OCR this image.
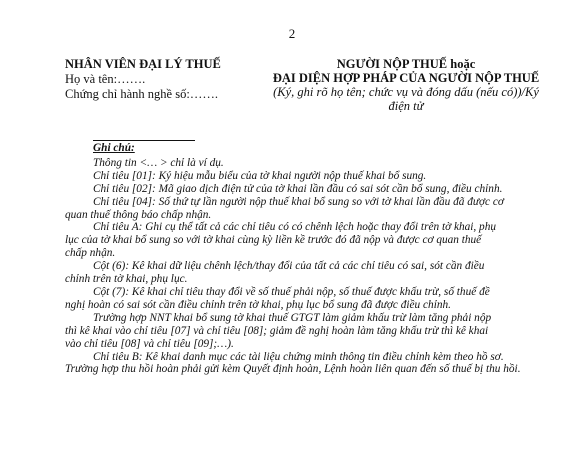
2
NHÂN VIÊN ĐẠI LÝ THUẾ
Họ và tên:…….
Chứng chỉ hành nghề số:…….
NGƯỜI NỘP THUẾ hoặc
ĐẠI DIỆN HỢP PHÁP CỦA NGƯỜI NỘP THUẾ
(Ký, ghi rõ họ tên; chức vụ và đóng dấu (nếu có))/Ký
điện tử

Ghi chú:

Thông tin <… > chỉ là ví dụ.

Chỉ tiêu [01]: Ký hiệu mẫu biểu của tờ khai người nộp thuế khai bổ sung.

Chỉ tiêu [02]: Mã giao dịch điện tử của tờ khai lần đầu có sai sót cần bổ sung, điều chỉnh.

Chỉ tiêu [04]: Số thứ tự lần người nộp thuế khai bổ sung so với tờ khai lần đầu đã được cơ

quan thuế thông báo chấp nhận.

Chỉ tiêu A: Ghi cụ thể tất cả các chỉ tiêu có có chênh lệch hoặc thay đổi trên tờ khai, phụ

lục của tờ khai bổ sung so với tờ khai cùng kỳ liền kề trước đó đã nộp và được cơ quan thuế

chấp nhận.

Cột (6): Kê khai dữ liệu chênh lệch/thay đổi của tất cả các chỉ tiêu có sai, sót cần điều

chỉnh trên tờ khai, phụ lục.

Cột (7): Kê khai chỉ tiêu thay đổi về số thuế phải nộp, số thuế được khấu trừ, số thuế đề

nghị hoàn có sai sót cần điều chỉnh trên tờ khai, phụ lục bổ sung đã được điều chỉnh.

Trường hợp NNT khai bổ sung tờ khai thuế GTGT làm giảm khấu trừ làm tăng phải nộp

thì kê khai vào chỉ tiêu [07] và chỉ tiêu [08]; giảm đề nghị hoàn làm tăng khấu trừ thì kê khai

vào chỉ tiêu [08] và chỉ tiêu [09];…).

Chỉ tiêu B: Kê khai danh mục các tài liệu chứng minh thông tin điều chỉnh kèm theo hồ sơ.

Trường hợp thu hồi hoàn phải gửi kèm Quyết định hoàn, Lệnh hoàn liên quan đến số thuế bị thu hồi.
